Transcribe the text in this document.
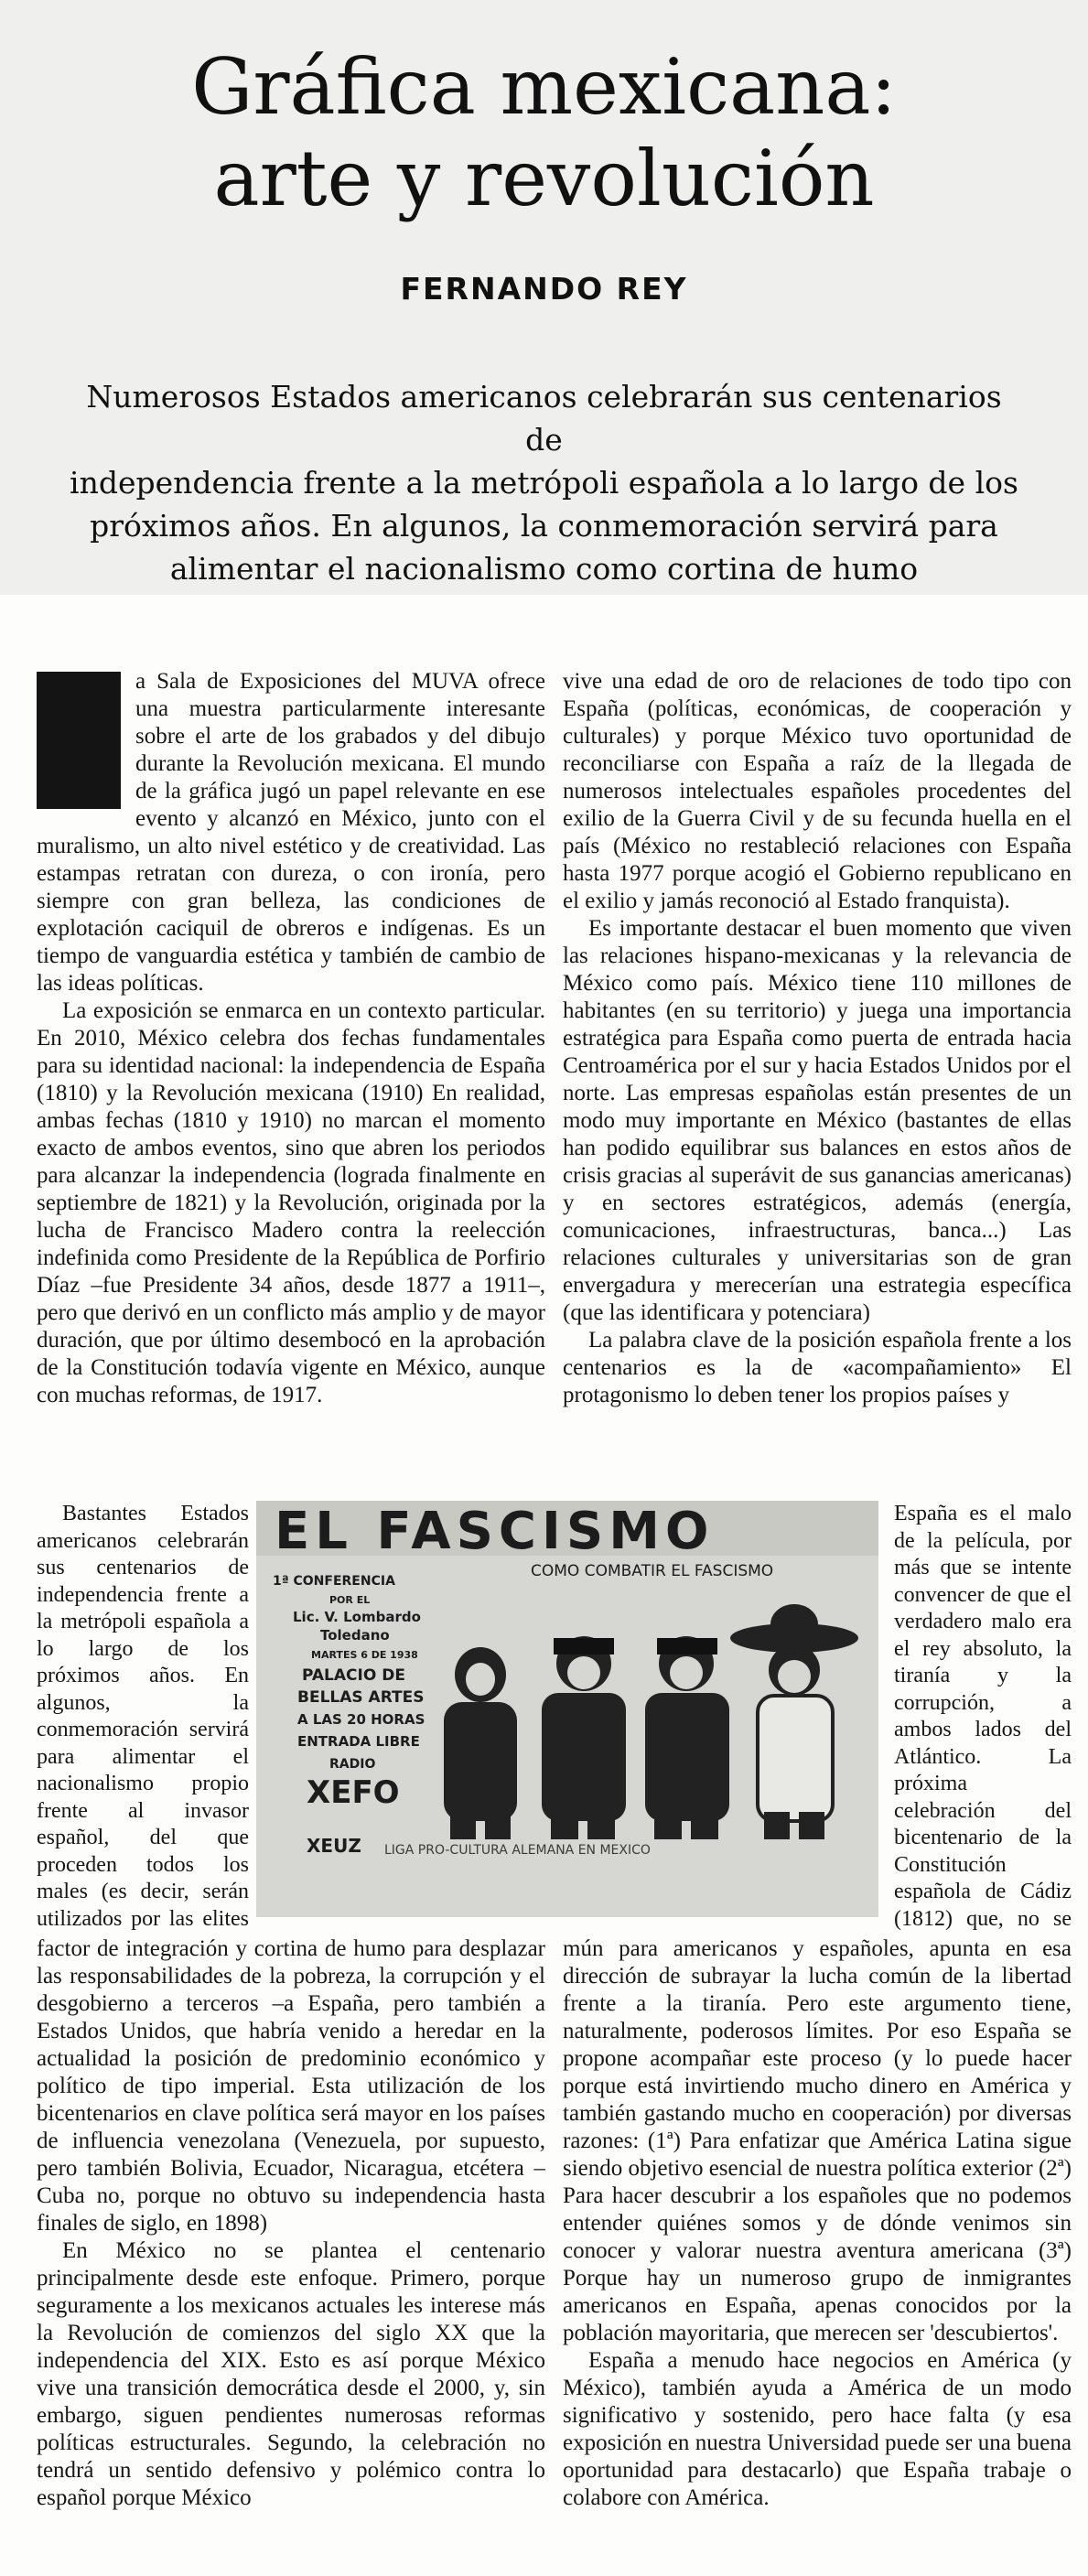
Gráfica mexicana:
arte y revolución
FERNANDO REY
Numerosos Estados americanos celebrarán sus centenarios de
independencia frente a la metrópoli española a lo largo de los
próximos años. En algunos, la conmemoración servirá para
alimentar el nacionalismo como cortina de humo

a Sala de Exposiciones del MUVA ofrece una muestra particularmente interesante sobre el arte de los grabados y del dibujo durante la Revolución mexicana. El mundo de la gráfica jugó un papel relevante en ese evento y alcanzó en México, junto con el muralismo, un alto nivel estético y de creatividad. Las estampas retratan con dureza, o con ironía, pero siempre con gran belleza, las condiciones de explotación caciquil de obreros e indígenas. Es un tiempo de vanguardia estética y también de cambio de las ideas políticas.

La exposición se enmarca en un contexto particular. En 2010, México celebra dos fechas fundamentales para su identidad nacional: la independencia de España (1810) y la Revolución mexicana (1910) En realidad, ambas fechas (1810 y 1910) no marcan el momento exacto de ambos eventos, sino que abren los periodos para alcanzar la independencia (lograda finalmente en septiembre de 1821) y la Revolución, originada por la lucha de Francisco Madero contra la reelección indefinida como Presidente de la República de Porfirio Díaz –fue Presidente 34 años, desde 1877 a 1911–, pero que derivó en un conflicto más amplio y de mayor duración, que por último desembocó en la aprobación de la Constitución todavía vigente en México, aunque con muchas reformas, de 1917.

vive una edad de oro de relaciones de todo tipo con España (políticas, económicas, de cooperación y culturales) y porque México tuvo oportunidad de reconciliarse con España a raíz de la llegada de numerosos intelectuales españoles procedentes del exilio de la Guerra Civil y de su fecunda huella en el país (México no restableció relaciones con España hasta 1977 porque acogió el Gobierno republicano en el exilio y jamás reconoció al Estado franquista).

Es importante destacar el buen momento que viven las relaciones hispano-mexicanas y la relevancia de México como país. México tiene 110 millones de habitantes (en su territorio) y juega una importancia estratégica para España como puerta de entrada hacia Centroamérica por el sur y hacia Estados Unidos por el norte. Las empresas españolas están presentes de un modo muy importante en México (bastantes de ellas han podido equilibrar sus balances en estos años de crisis gracias al superávit de sus ganancias americanas) y en sectores estratégicos, además (energía, comunicaciones, infraestructuras, banca...) Las relaciones culturales y universitarias son de gran envergadura y merecerían una estrategia específica (que las identificara y potenciara)

La palabra clave de la posición española frente a los centenarios es la de «acompañamiento» El protagonismo lo deben tener los propios países y

Bastantes Estados americanos celebrarán sus centenarios de independencia frente a la metrópoli española a lo largo de los próximos años. En algunos, la conmemoración servirá para alimentar el nacionalismo propio frente al invasor español, del que proceden todos los males (es decir, serán utilizados por las elites

EL FASCISMO
COMO COMBATIR EL FASCISMO
1ª CONFERENCIA
POR EL
Lic. V. Lombardo
Toledano
MARTES 6 DE 1938
PALACIO DE
BELLAS ARTES
A LAS 20 HORAS
ENTRADA LIBRE
RADIO
XEFO
XEUZ LIGA PRO-CULTURA ALEMANA EN MEXICO

España es el malo de la película, por más que se intente convencer de que el verdadero malo era el rey absoluto, la tiranía y la corrupción, a ambos lados del Atlántico. La próxima celebración del bicentenario de la Constitución española de Cádiz (1812) que, no se

factor de integración y cortina de humo para desplazar las responsabilidades de la pobreza, la corrupción y el desgobierno a terceros –a España, pero también a Estados Unidos, que habría venido a heredar en la actualidad la posición de predominio económico y político de tipo imperial. Esta utilización de los bicentenarios en clave política será mayor en los países de influencia venezolana (Venezuela, por supuesto, pero también Bolivia, Ecuador, Nicaragua, etcétera –Cuba no, porque no obtuvo su independencia hasta finales de siglo, en 1898)

En México no se plantea el centenario principalmente desde este enfoque. Primero, porque seguramente a los mexicanos actuales les interese más la Revolución de comienzos del siglo XX que la independencia del XIX. Esto es así porque México vive una transición democrática desde el 2000, y, sin embargo, siguen pendientes numerosas reformas políticas estructurales. Segundo, la celebración no tendrá un sentido defensivo y polémico contra lo español porque México

mún para americanos y españoles, apunta en esa dirección de subrayar la lucha común de la libertad frente a la tiranía. Pero este argumento tiene, naturalmente, poderosos límites. Por eso España se propone acompañar este proceso (y lo puede hacer porque está invirtiendo mucho dinero en América y también gastando mucho en cooperación) por diversas razones: (1ª) Para enfatizar que América Latina sigue siendo objetivo esencial de nuestra política exterior (2ª) Para hacer descubrir a los españoles que no podemos entender quiénes somos y de dónde venimos sin conocer y valorar nuestra aventura americana (3ª) Porque hay un numeroso grupo de inmigrantes americanos en España, apenas conocidos por la población mayoritaria, que merecen ser 'descubiertos'.

España a menudo hace negocios en América (y México), también ayuda a América de un modo significativo y sostenido, pero hace falta (y esa exposición en nuestra Universidad puede ser una buena oportunidad para destacarlo) que España trabaje o colabore con América.
